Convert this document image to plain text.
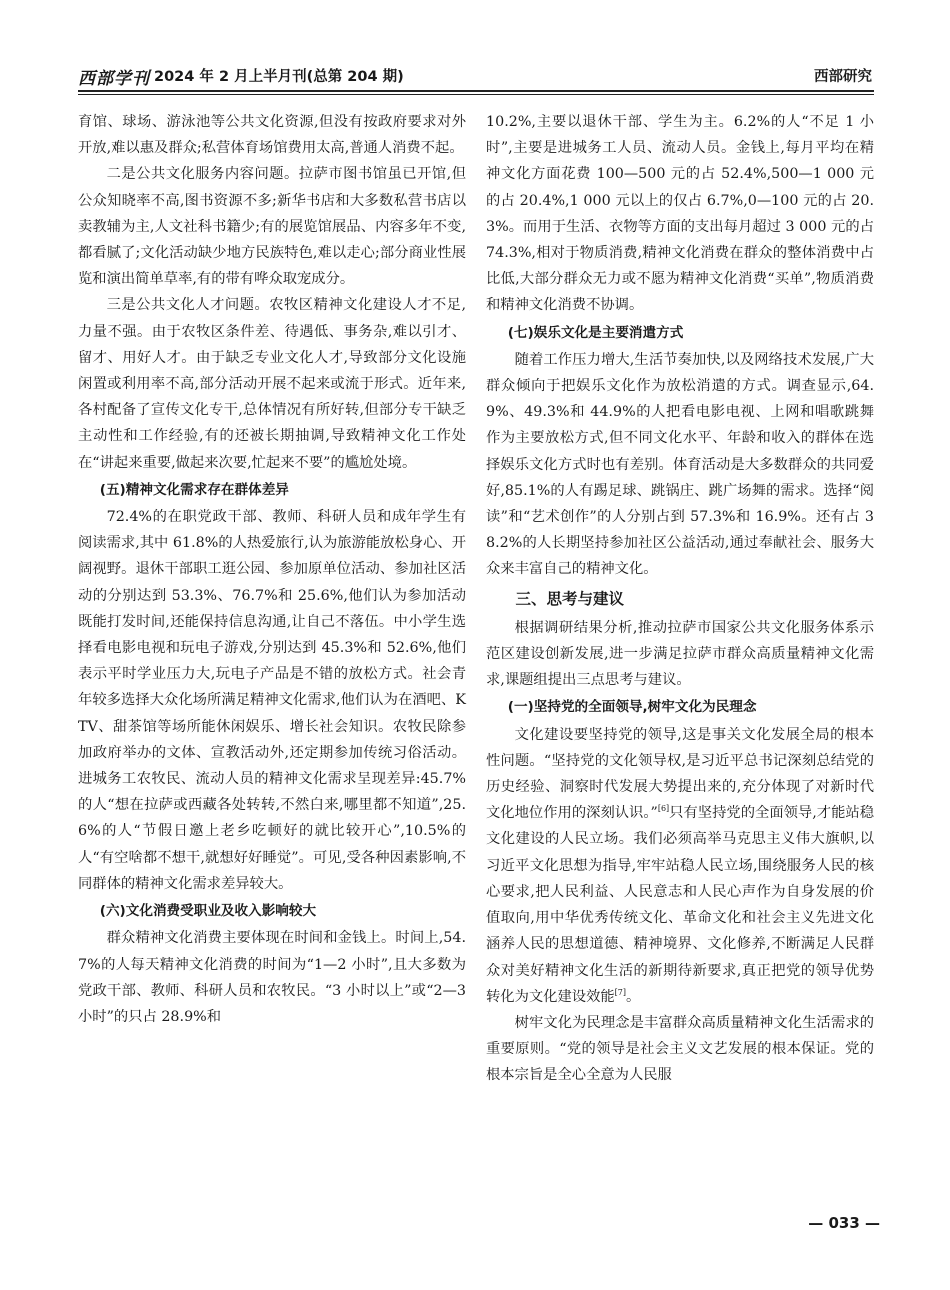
西部学刊 2024 年 2 月上半月刊(总第 204 期)	西部研究

育馆、球场、游泳池等公共文化资源,但没有按政府要求对外开放,难以惠及群众;私营体育场馆费用太高,普通人消费不起。

二是公共文化服务内容问题。拉萨市图书馆虽已开馆,但公众知晓率不高,图书资源不多;新华书店和大多数私营书店以卖教辅为主,人文社科书籍少;有的展览馆展品、内容多年不变,都看腻了;文化活动缺少地方民族特色,难以走心;部分商业性展览和演出简单草率,有的带有哗众取宠成分。

三是公共文化人才问题。农牧区精神文化建设人才不足,力量不强。由于农牧区条件差、待遇低、事务杂,难以引才、留才、用好人才。由于缺乏专业文化人才,导致部分文化设施闲置或利用率不高,部分活动开展不起来或流于形式。近年来,各村配备了宣传文化专干,总体情况有所好转,但部分专干缺乏主动性和工作经验,有的还被长期抽调,导致精神文化工作处在“讲起来重要,做起来次要,忙起来不要”的尴尬处境。

(五)精神文化需求存在群体差异

72.4%的在职党政干部、教师、科研人员和成年学生有阅读需求,其中 61.8%的人热爱旅行,认为旅游能放松身心、开阔视野。退休干部职工逛公园、参加原单位活动、参加社区活动的分别达到 53.3%、76.7%和 25.6%,他们认为参加活动既能打发时间,还能保持信息沟通,让自己不落伍。中小学生选择看电影电视和玩电子游戏,分别达到 45.3%和 52.6%,他们表示平时学业压力大,玩电子产品是不错的放松方式。社会青年较多选择大众化场所满足精神文化需求,他们认为在酒吧、KTV、甜茶馆等场所能休闲娱乐、增长社会知识。农牧民除参加政府举办的文体、宣教活动外,还定期参加传统习俗活动。进城务工农牧民、流动人员的精神文化需求呈现差异:45.7%的人“想在拉萨或西藏各处转转,不然白来,哪里都不知道”,25.6%的人“节假日邀上老乡吃顿好的就比较开心”,10.5%的人“有空啥都不想干,就想好好睡觉”。可见,受各种因素影响,不同群体的精神文化需求差异较大。

(六)文化消费受职业及收入影响较大

群众精神文化消费主要体现在时间和金钱上。时间上,54.7%的人每天精神文化消费的时间为“1—2 小时”,且大多数为党政干部、教师、科研人员和农牧民。“3 小时以上”或“2—3 小时”的只占 28.9%和

10.2%,主要以退休干部、学生为主。6.2%的人“不足 1 小时”,主要是进城务工人员、流动人员。金钱上,每月平均在精神文化方面花费 100—500 元的占 52.4%,500—1 000 元的占 20.4%,1 000 元以上的仅占 6.7%,0—100 元的占 20.3%。而用于生活、衣物等方面的支出每月超过 3 000 元的占 74.3%,相对于物质消费,精神文化消费在群众的整体消费中占比低,大部分群众无力或不愿为精神文化消费“买单”,物质消费和精神文化消费不协调。

(七)娱乐文化是主要消遣方式

随着工作压力增大,生活节奏加快,以及网络技术发展,广大群众倾向于把娱乐文化作为放松消遣的方式。调查显示,64.9%、49.3%和 44.9%的人把看电影电视、上网和唱歌跳舞作为主要放松方式,但不同文化水平、年龄和收入的群体在选择娱乐文化方式时也有差别。体育活动是大多数群众的共同爱好,85.1%的人有踢足球、跳锅庄、跳广场舞的需求。选择“阅读”和“艺术创作”的人分别占到 57.3%和 16.9%。还有占 38.2%的人长期坚持参加社区公益活动,通过奉献社会、服务大众来丰富自己的精神文化。

三、思考与建议

根据调研结果分析,推动拉萨市国家公共文化服务体系示范区建设创新发展,进一步满足拉萨市群众高质量精神文化需求,课题组提出三点思考与建议。

(一)坚持党的全面领导,树牢文化为民理念

文化建设要坚持党的领导,这是事关文化发展全局的根本性问题。“坚持党的文化领导权,是习近平总书记深刻总结党的历史经验、洞察时代发展大势提出来的,充分体现了对新时代文化地位作用的深刻认识。”[6]只有坚持党的全面领导,才能站稳文化建设的人民立场。我们必须高举马克思主义伟大旗帜,以习近平文化思想为指导,牢牢站稳人民立场,围绕服务人民的核心要求,把人民利益、人民意志和人民心声作为自身发展的价值取向,用中华优秀传统文化、革命文化和社会主义先进文化涵养人民的思想道德、精神境界、文化修养,不断满足人民群众对美好精神文化生活的新期待新要求,真正把党的领导优势转化为文化建设效能[7]。

树牢文化为民理念是丰富群众高质量精神文化生活需求的重要原则。“党的领导是社会主义文艺发展的根本保证。党的根本宗旨是全心全意为人民服

— 033 —
